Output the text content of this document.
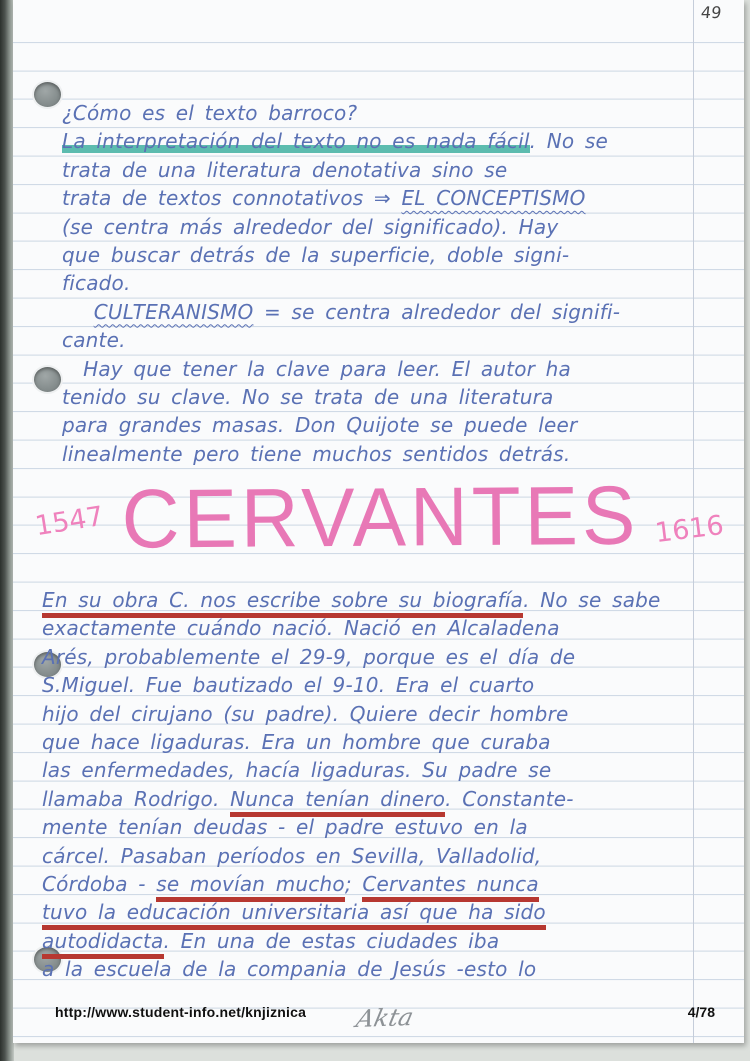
49
¿Cómo es el texto barroco?
La interpretación del texto no es nada fácil. No se
trata de una literatura denotativa sino se
trata de textos connotativos ⇒ EL CONCEPTISMO
(se centra más alrededor del significado). Hay
que buscar detrás de la superficie, doble signi-
ficado.
CULTERANISMO = se centra alrededor del signifi-
cante.
Hay que tener la clave para leer. El autor ha
tenido su clave. No se trata de una literatura
para grandes masas. Don Quijote se puede leer
linealmente pero tiene muchos sentidos detrás.
1547 CERVANTES 1616
En su obra C. nos escribe sobre su biografía. No se sabe
exactamente cuándo nació. Nació en Alcaladena
Arés, probablemente el 29-9, porque es el día de
S.Miguel. Fue bautizado el 9-10. Era el cuarto
hijo del cirujano (su padre). Quiere decir hombre
que hace ligaduras. Era un hombre que curaba
las enfermedades, hacía ligaduras. Su padre se
llamaba Rodrigo. Nunca tenían dinero. Constante-
mente tenían deudas - el padre estuvo en la
cárcel. Pasaban períodos en Sevilla, Valladolid,
Córdoba - se movían mucho; Cervantes nunca
tuvo la educación universitaria así que ha sido
autodidacta. En una de estas ciudades iba
a la escuela de la compania de Jesús -esto lo
http://www.student-info.net/knjiznica	Akta	4/78
